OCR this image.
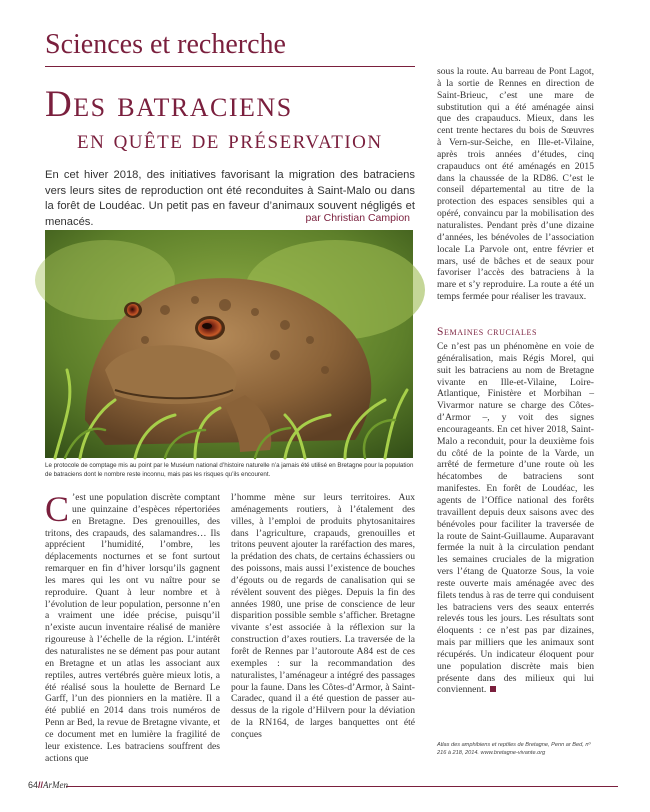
Sciences et recherche
Des batraciens
en quête de préservation

En cet hiver 2018, des initiatives favorisant la migration des batraciens vers leurs sites de reproduction ont été reconduites à Saint-Malo ou dans la forêt de Loudéac. Un petit pas en faveur d’animaux souvent négligés et menacés.	par Christian Campion

Le protocole de comptage mis au point par le Muséum national d’histoire naturelle n’a jamais été utilisé en Bretagne pour la population de batraciens dont le nombre reste inconnu, mais pas les risques qu’ils encourent.

C ’est une population discrète comptant une quinzaine d’espèces répertoriées en Bretagne. Des grenouilles, des tritons, des crapauds, des salamandres… Ils apprécient l’humidité, l’ombre, les déplacements nocturnes et se font surtout remarquer en fin d’hiver lorsqu’ils gagnent les mares qui les ont vu naître pour se reproduire. Quant à leur nombre et à l’évolution de leur population, personne n’en a vraiment une idée précise, puisqu’il n’existe aucun inventaire réalisé de manière rigoureuse à l’échelle de la région. L’intérêt des naturalistes ne se dément pas pour autant en Bretagne et un atlas les associant aux reptiles, autres vertébrés guère mieux lotis, a été réalisé sous la houlette de Bernard Le Garff, l’un des pionniers en la matière. Il a été publié en 2014 dans trois numéros de Penn ar Bed, la revue de Bretagne vivante, et ce document met en lumière la fragilité de leur existence. Les batraciens souffrent des actions que
l’homme mène sur leurs territoires. Aux aménagements routiers, à l’étalement des villes, à l’emploi de produits phytosanitaires dans l’agriculture, crapauds, grenouilles et tritons peuvent ajouter la raréfaction des mares, la prédation des chats, de certains échassiers ou des poissons, mais aussi l’existence de bouches d’égouts ou de regards de canalisation qui se révèlent souvent des pièges. Depuis la fin des années 1980, une prise de conscience de leur disparition possible semble s’afficher. Bretagne vivante s’est associée à la réflexion sur la construction d’axes routiers. La traversée de la forêt de Rennes par l’autoroute A84 est de ces exemples : sur la recommandation des naturalistes, l’aménageur a intégré des passages pour la faune. Dans les Côtes-d’Armor, à Saint-Caradec, quand il a été question de passer au-dessus de la rigole d’Hilvern pour la déviation de la RN164, de larges banquettes ont été conçues
sous la route. Au barreau de Pont Lagot, à la sortie de Rennes en direction de Saint-Brieuc, c’est une mare de substitution qui a été aménagée ainsi que des crapauducs. Mieux, dans les cent trente hectares du bois de Sœuvres à Vern-sur-Seiche, en Ille-et-Vilaine, après trois années d’études, cinq crapauducs ont été aménagés en 2015 dans la chaussée de la RD86. C’est le conseil départemental au titre de la protection des espaces sensibles qui a opéré, convaincu par la mobilisation des naturalistes. Pendant près d’une dizaine d’années, les bénévoles de l’association locale La Parvole ont, entre février et mars, usé de bâches et de seaux pour favoriser l’accès des batraciens à la mare et s’y reproduire. La route a été un temps fermée pour réaliser les travaux.
Semaines cruciales
Ce n’est pas un phénomène en voie de généralisation, mais Régis Morel, qui suit les batraciens au nom de Bretagne vivante en Ille-et-Vilaine, Loire-Atlantique, Finistère et Morbihan – Vivarmor nature se charge des Côtes-d’Armor –, y voit des signes encourageants. En cet hiver 2018, Saint-Malo a reconduit, pour la deuxième fois du côté de la pointe de la Varde, un arrêté de fermeture d’une route où les hécatombes de batraciens sont manifestes. En forêt de Loudéac, les agents de l’Office national des forêts travaillent depuis deux saisons avec des bénévoles pour faciliter la traversée de la route de Saint-Guillaume. Auparavant fermée la nuit à la circulation pendant les semaines cruciales de la migration vers l’étang de Quatorze Sous, la voie reste ouverte mais aménagée avec des filets tendus à ras de terre qui conduisent les batraciens vers des seaux enterrés relevés tous les jours. Les résultats sont éloquents : ce n’est pas par dizaines, mais par milliers que les animaux sont récupérés. Un indicateur éloquent pour une population discrète mais bien présente dans des milieux qui lui conviennent.
Atlas des amphibiens et reptiles de Bretagne, Penn ar Bed, nº 216 à 218, 2014. www.bretagne-vivante.org
64//ArMen
